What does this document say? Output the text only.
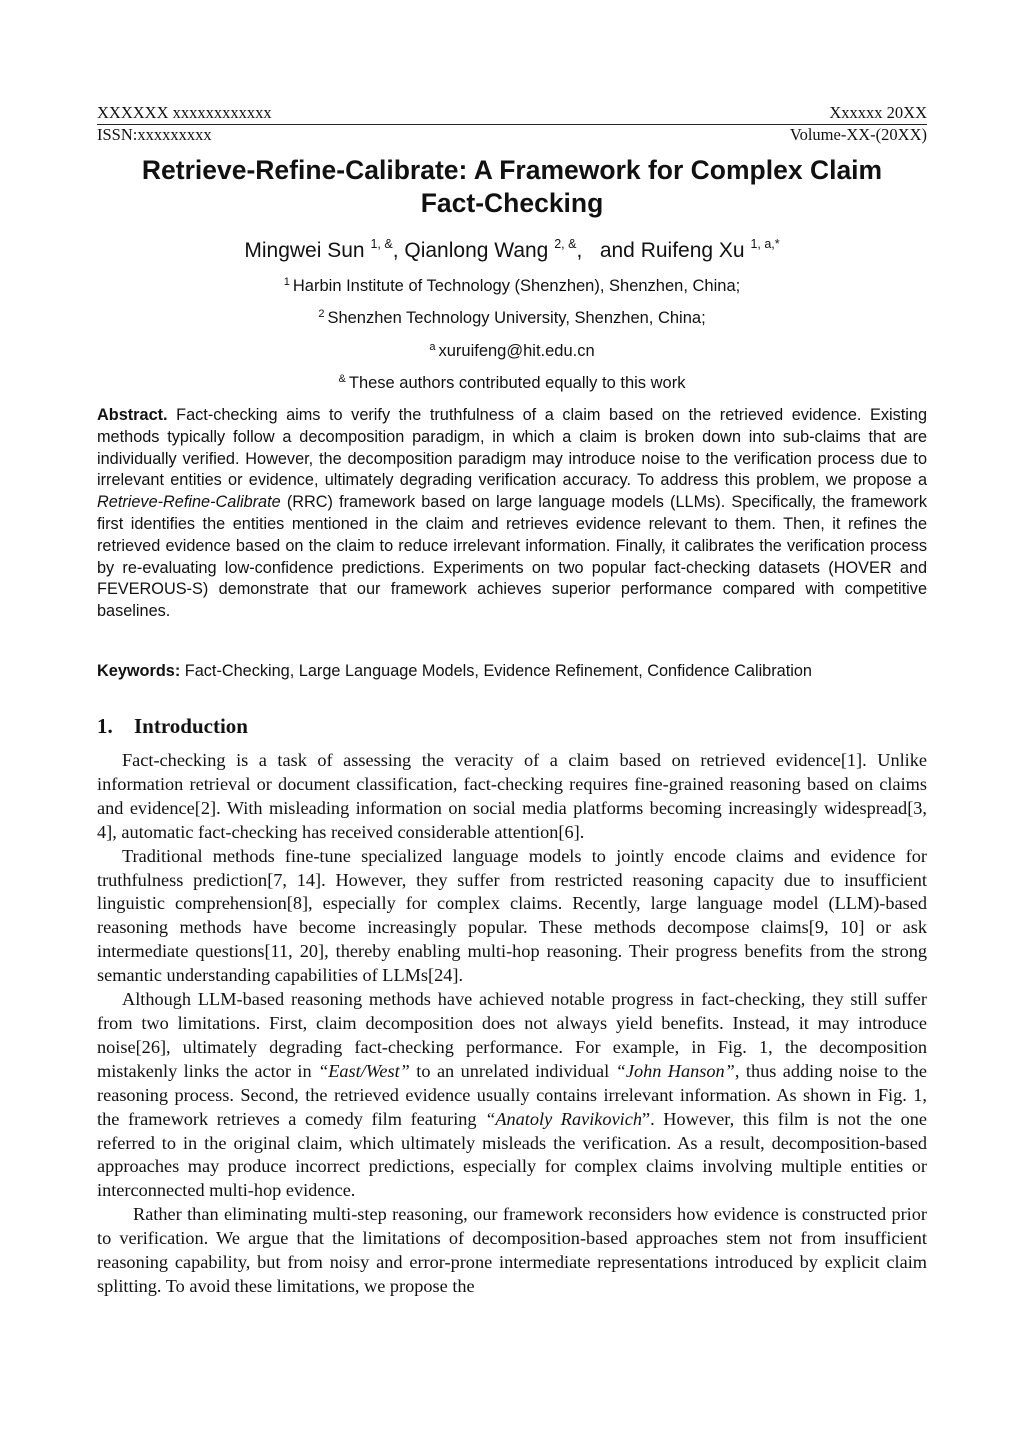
XXXXXX xxxxxxxxxxxx	Xxxxxx 20XX
ISSN:xxxxxxxxx	Volume-XX-(20XX)
Retrieve-Refine-Calibrate: A Framework for Complex Claim
Fact-Checking
Mingwei Sun $^{1, \&}$, Qianlong Wang $^{2, \&}$, and Ruifeng Xu $^{1, a,*}$
$^1$ Harbin Institute of Technology (Shenzhen), Shenzhen, China;
$^2$ Shenzhen Technology University, Shenzhen, China;
$^a$ xuruifeng@hit.edu.cn
& These authors contributed equally to this work
Abstract. Fact-checking aims to verify the truthfulness of a claim based on the retrieved evidence. Existing methods typically follow a decomposition paradigm, in which a claim is broken down into sub-claims that are individually verified. However, the decomposition paradigm may introduce noise to the verification process due to irrelevant entities or evidence, ultimately degrading verification accuracy. To address this problem, we propose a Retrieve-Refine-Calibrate (RRC) framework based on large language models (LLMs). Specifically, the framework first identifies the entities mentioned in the claim and retrieves evidence relevant to them. Then, it refines the retrieved evidence based on the claim to reduce irrelevant information. Finally, it calibrates the verification process by re-evaluating low-confidence predictions. Experiments on two popular fact-checking datasets (HOVER and FEVEROUS-S) demonstrate that our framework achieves superior performance compared with competitive baselines.
Keywords: Fact-Checking, Large Language Models, Evidence Refinement, Confidence Calibration
1. Introduction

Fact-checking is a task of assessing the veracity of a claim based on retrieved evidence[1]. Unlike information retrieval or document classification, fact-checking requires fine-grained reasoning based on claims and evidence[2]. With misleading information on social media platforms becoming increasingly widespread[3, 4], automatic fact-checking has received considerable attention[6].

Traditional methods fine-tune specialized language models to jointly encode claims and evidence for truthfulness prediction[7, 14]. However, they suffer from restricted reasoning capacity due to insufficient linguistic comprehension[8], especially for complex claims. Recently, large language model (LLM)-based reasoning methods have become increasingly popular. These methods decompose claims[9, 10] or ask intermediate questions[11, 20], thereby enabling multi-hop reasoning. Their progress benefits from the strong semantic understanding capabilities of LLMs[24].

Although LLM-based reasoning methods have achieved notable progress in fact-checking, they still suffer from two limitations. First, claim decomposition does not always yield benefits. Instead, it may introduce noise[26], ultimately degrading fact-checking performance. For example, in Fig. 1, the decomposition mistakenly links the actor in “East/West” to an unrelated individual “John Hanson”, thus adding noise to the reasoning process. Second, the retrieved evidence usually contains irrelevant information. As shown in Fig. 1, the framework retrieves a comedy film featuring “Anatoly Ravikovich”. However, this film is not the one referred to in the original claim, which ultimately misleads the verification. As a result, decomposition-based approaches may produce incorrect predictions, especially for complex claims involving multiple entities or interconnected multi-hop evidence.

Rather than eliminating multi-step reasoning, our framework reconsiders how evidence is constructed prior to verification. We argue that the limitations of decomposition-based approaches stem not from insufficient reasoning capability, but from noisy and error-prone intermediate representations introduced by explicit claim splitting. To avoid these limitations, we propose the
